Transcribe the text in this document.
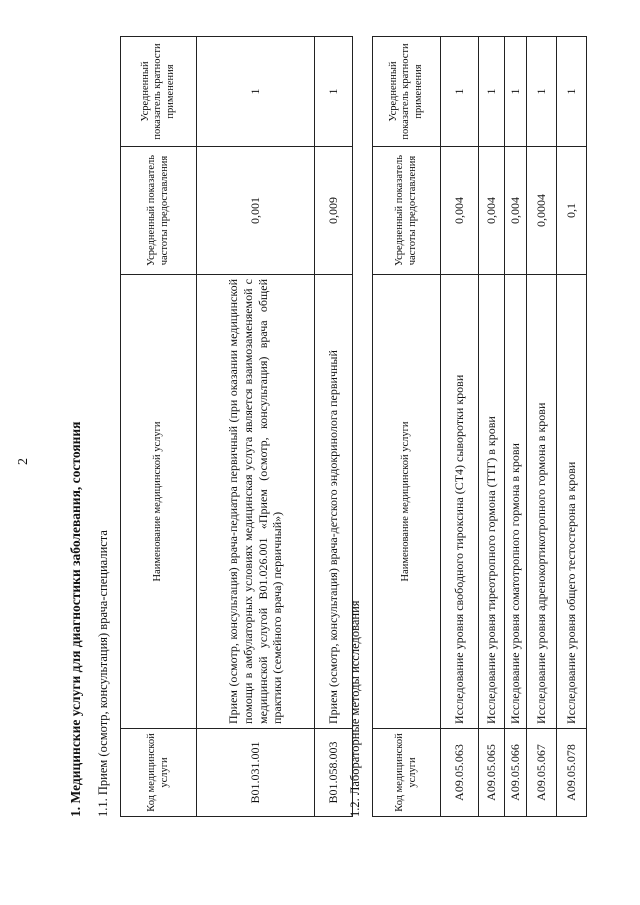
2	1. Медицинские услуги для диагностики заболевания, состояния 1.1. Прием (осмотр, консультация) врача-специалиста	Код медицинской услуги	Наименование медицинской услуги	Усредненный показатель частоты предоставления	Усредненный показатель кратности применения
B01.031.001	Прием (осмотр, консультация) врача-педиатра первичный (при оказании медицинской помощи в амбулаторных условиях медицинская услуга является взаимозаменяемой с медицинской услугой B01.026.001 «Прием (осмотр, консультация) врача общей практики (семейного врача) первичный»)	0,001	1
B01.058.003	Прием (осмотр, консультация) врача-детского эндокринолога первичный	0,009	1
1.2. Лабораторные методы исследования	Код медицинской услуги	Наименование медицинской услуги	Усредненный показатель частоты предоставления	Усредненный показатель кратности применения
A09.05.063	Исследование уровня свободного тироксина (СТ4) сыворотки крови	0,004	1
A09.05.065	Исследование уровня тиреотропного гормона (ТТГ) в крови	0,004	1
A09.05.066	Исследование уровня соматотропного гормона в крови	0,004	1
A09.05.067	Исследование уровня адренокортикотропного гормона в крови	0,0004	1
A09.05.078	Исследование уровня общего тестостерона в крови	0,1	1
